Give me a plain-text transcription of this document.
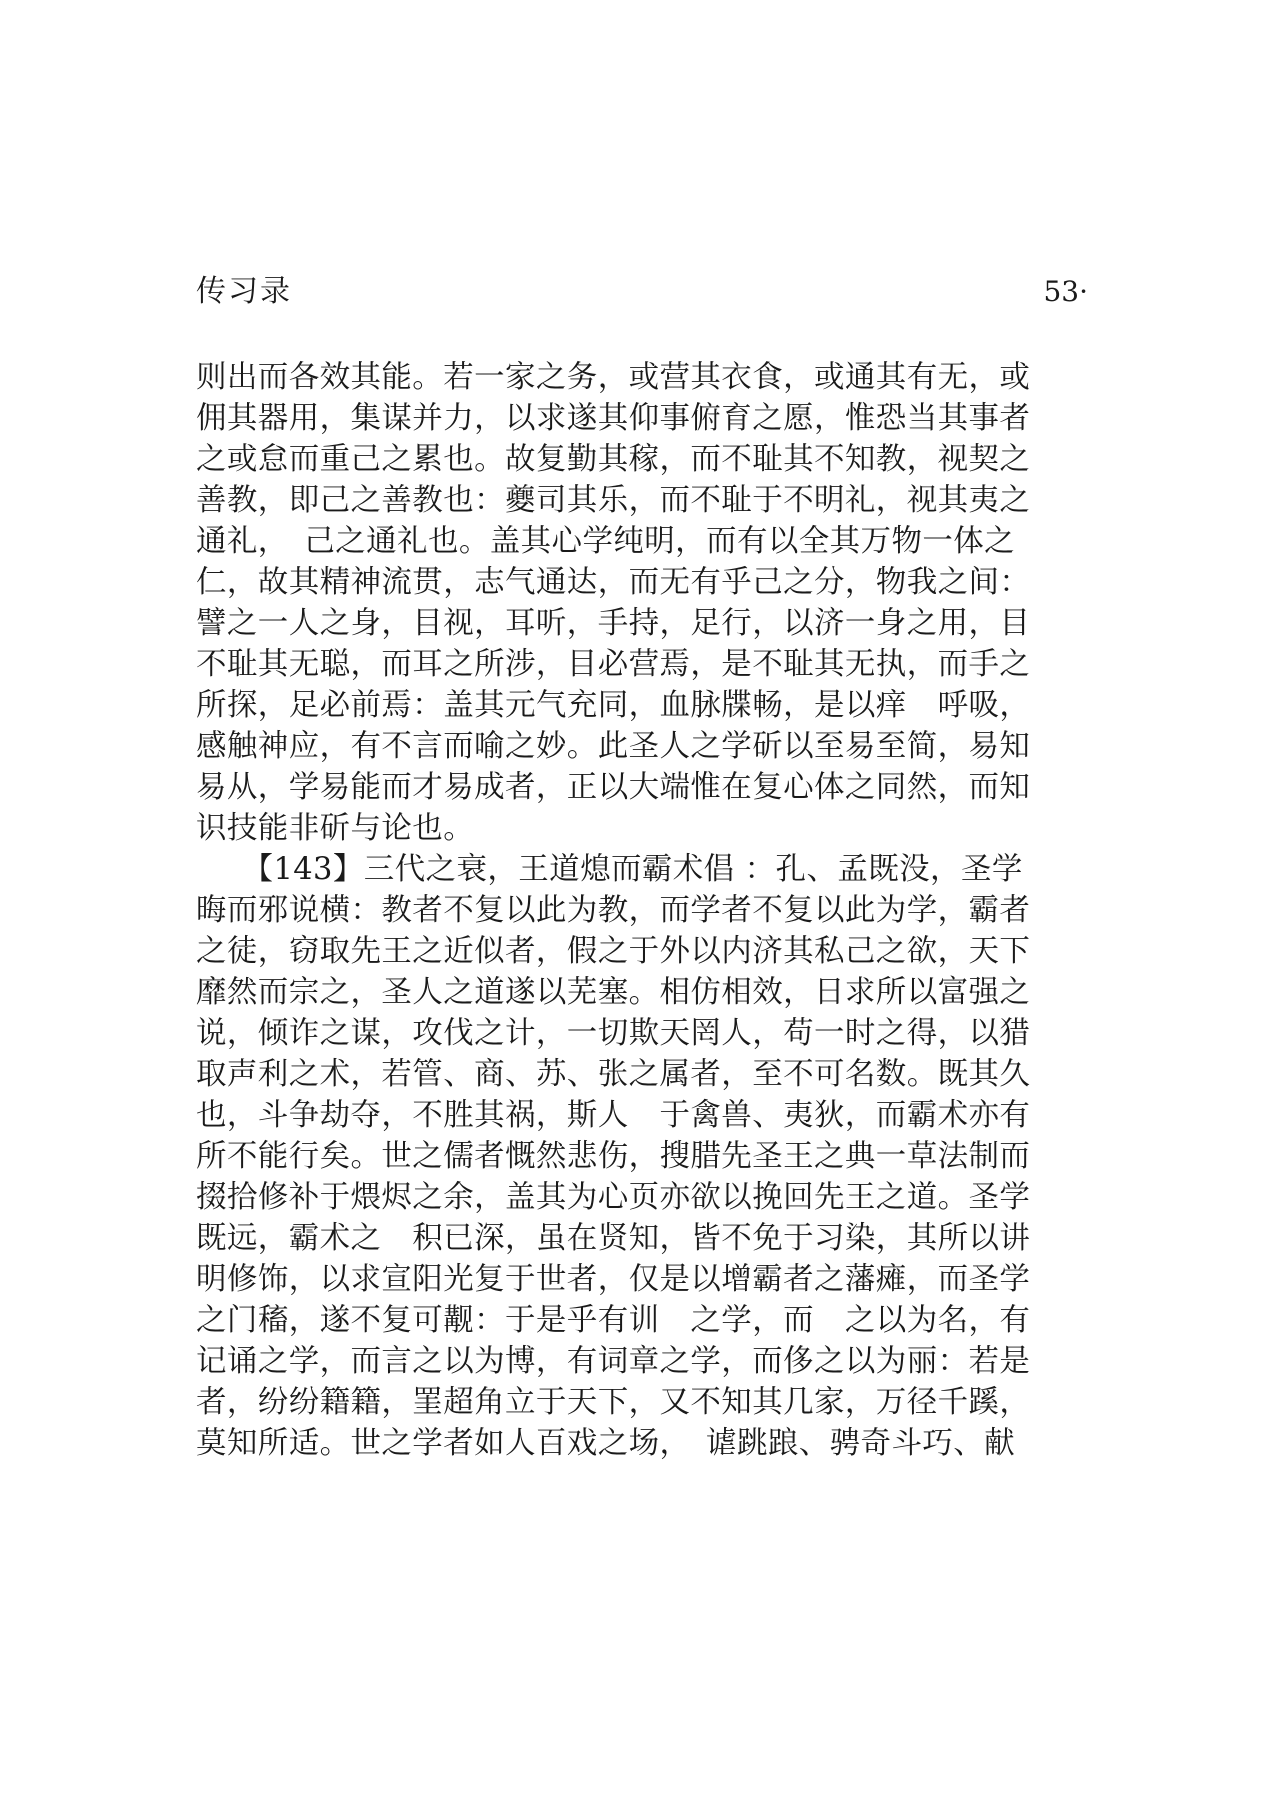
传习录	53·
则出而各效其能。若一家之务，或营其衣食，或通其有无，或
佣其器用，集谋并力，以求遂其仰事俯育之愿，惟恐当其事者
之或怠而重己之累也。故复勤其稼，而不耻其不知教，视契之
善教，即己之善教也：夔司其乐，而不耻于不明礼，视其夷之
通礼，　己之通礼也。盖其心学纯明，而有以全其万物一体之
仁，故其精神流贯，志气通达，而无有乎己之分，物我之间：
譬之一人之身，目视，耳听，手持，足行，以济一身之用，目
不耻其无聪，而耳之所涉，目必营焉，是不耻其无执，而手之
所探，足必前焉：盖其元气充同，血脉牒畅，是以痒　呼吸，
感触神应，有不言而喻之妙。此圣人之学斫以至易至简，易知
易从，学易能而才易成者，正以大端惟在复心体之同然，而知
识技能非斫与论也。
　　【143】三代之衰，王道熄而霸术倡 ：孔、孟既没，圣学
晦而邪说横：教者不复以此为教，而学者不复以此为学，霸者
之徒，窃取先王之近似者，假之于外以内济其私己之欲，天下
靡然而宗之，圣人之道遂以芜塞。相仿相效，日求所以富强之
说，倾诈之谋，攻伐之计，一切欺天罔人，苟一时之得，以猎
取声利之术，若管、商、苏、张之属者，至不可名数。既其久
也，斗争劫夺，不胜其祸，斯人　于禽兽、夷狄，而霸术亦有
所不能行矣。世之儒者慨然悲伤，搜腊先圣王之典一草法制而
掇拾修补于煨烬之余，盖其为心页亦欲以挽回先王之道。圣学
既远，霸术之　积已深，虽在贤知，皆不免于习染，其所以讲
明修饰，以求宣阳光复于世者，仅是以增霸者之藩瘫，而圣学
之门稸，遂不复可觏：于是乎有训　之学，而　之以为名，有
记诵之学，而言之以为博，有词章之学，而侈之以为丽：若是
者，纷纷籍籍，罣超角立于天下，又不知其几家，万径千蹊，
莫知所适。世之学者如人百戏之场，　谑跳踉、骋奇斗巧、献
